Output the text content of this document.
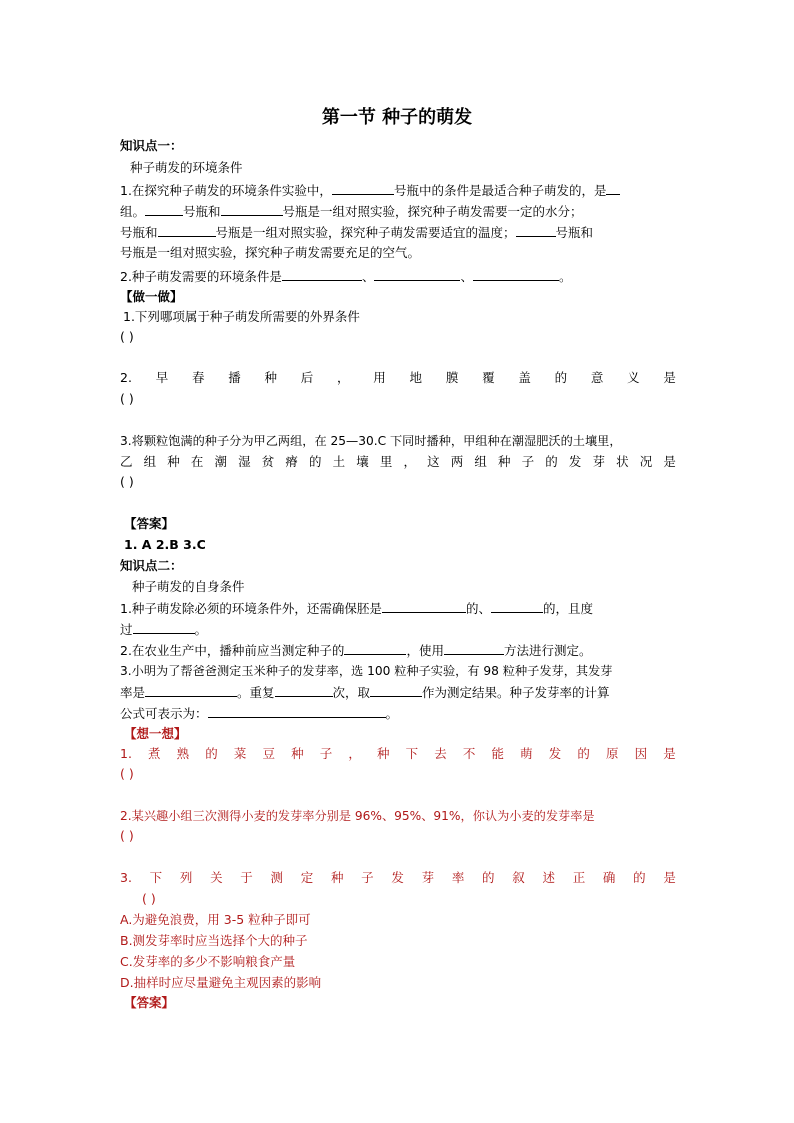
第一节 种子的萌发
知识点一：
种子萌发的环境条件
1.在探究种子萌发的环境条件实验中，	号瓶中的条件是最适合种子萌发的，是
组。	号瓶和	号瓶是一组对照实验，探究种子萌发需要一定的水分；
号瓶和	号瓶是一组对照实验，探究种子萌发需要适宜的温度；	号瓶和
号瓶是一组对照实验，探究种子萌发需要充足的空气。
2.种子萌发需要的环境条件是	、	、	。
【做一做】
1.下列哪项属于种子萌发所需要的外界条件
( )
2. 早 春 播 种 后 ， 用 地 膜 覆 盖 的 意 义 是
( )
3.将颗粒饱满的种子分为甲乙两组，在 25—30.C 下同时播种，甲组种在潮湿肥沃的土壤里，
乙 组 种 在 潮 湿 贫 瘠 的 土 壤 里 ， 这 两 组 种 子 的 发 芽 状 况 是
( )
【答案】
1. A 2.B 3.C
知识点二：
种子萌发的自身条件
1.种子萌发除必须的环境条件外，还需确保胚是	的、	的，且度
过	。
2.在农业生产中，播种前应当测定种子的	，使用	方法进行测定。
3.小明为了帮爸爸测定玉米种子的发芽率，选 100 粒种子实验，有 98 粒种子发芽，其发芽
率是	。重复	次，取	作为测定结果。种子发芽率的计算
公式可表示为：	。
【想一想】
1. 煮 熟 的 菜 豆 种 子 ， 种 下 去 不 能 萌 发 的 原 因 是
( )
2.某兴趣小组三次测得小麦的发芽率分别是 96%、95%、91%，你认为小麦的发芽率是
( )
3. 下 列 关 于 测 定 种 子 发 芽 率 的 叙 述 正 确 的 是
( )
A.为避免浪费，用 3-5 粒种子即可
B.测发芽率时应当选择个大的种子
C.发芽率的多少不影响粮食产量
D.抽样时应尽量避免主观因素的影响
【答案】
